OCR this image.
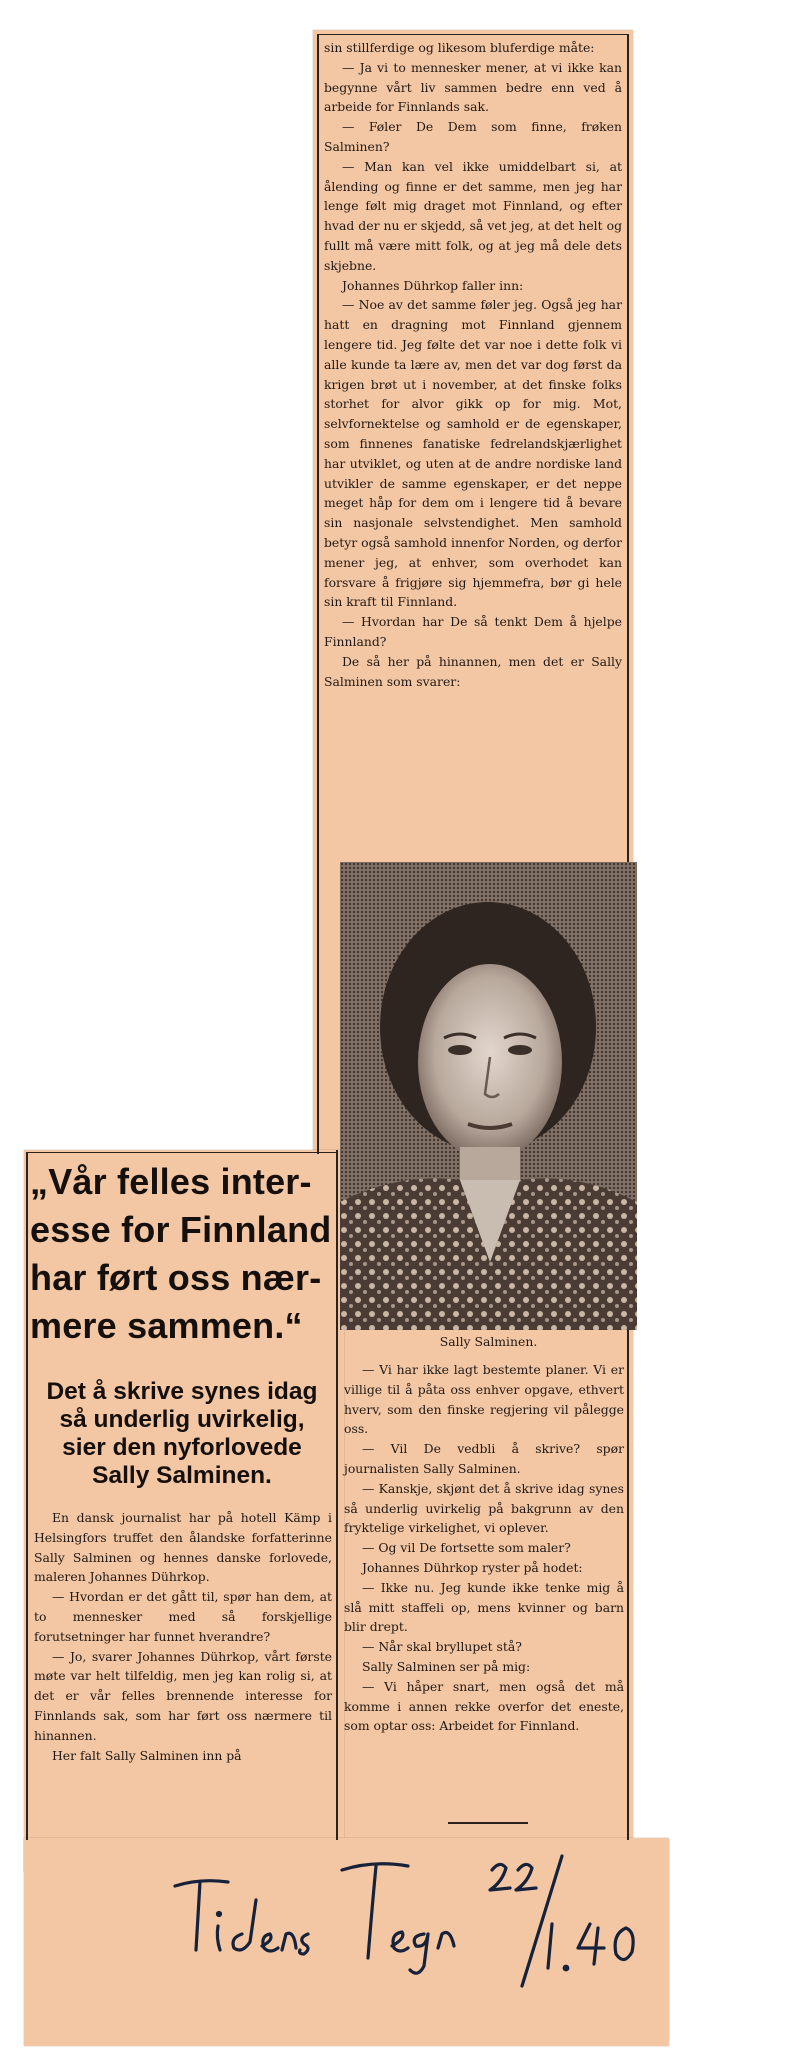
sin stillferdige og likesom bluferdige måte:

— Ja vi to mennesker mener, at vi ikke kan begynne vårt liv sammen bedre enn ved å arbeide for Finnlands sak.

— Føler De Dem som finne, frøken Salminen?

— Man kan vel ikke umiddelbart si, at ålending og finne er det samme, men jeg har lenge følt mig draget mot Finnland, og efter hvad der nu er skjedd, så vet jeg, at det helt og fullt må være mitt folk, og at jeg må dele dets skjebne.

Johannes Dührkop faller inn:

— Noe av det samme føler jeg. Også jeg har hatt en dragning mot Finnland gjennem lengere tid. Jeg følte det var noe i dette folk vi alle kunde ta lære av, men det var dog først da krigen brøt ut i november, at det finske folks storhet for alvor gikk op for mig. Mot, selvfornektelse og samhold er de egenskaper, som finnenes fanatiske fedrelandskjærlighet har utviklet, og uten at de andre nordiske land utvikler de samme egenskaper, er det neppe meget håp for dem om i lengere tid å bevare sin nasjonale selvstendighet. Men samhold betyr også samhold innenfor Norden, og derfor mener jeg, at enhver, som overhodet kan forsvare å frigjøre sig hjemmefra, bør gi hele sin kraft til Finnland.

— Hvordan har De så tenkt Dem å hjelpe Finnland?

De så her på hinannen, men det er Sally Salminen som svarer:

Sally Salminen.

— Vi har ikke lagt bestemte planer. Vi er villige til å påta oss enhver opgave, ethvert hverv, som den finske regjering vil pålegge oss.

— Vil De vedbli å skrive? spør journalisten Sally Salminen.

— Kanskje, skjønt det å skrive idag synes så underlig uvirkelig på bakgrunn av den fryktelige virkelighet, vi oplever.

— Og vil De fortsette som maler?

Johannes Dührkop ryster på hodet:

— Ikke nu. Jeg kunde ikke tenke mig å slå mitt staffeli op, mens kvinner og barn blir drept.

— Når skal bryllupet stå?

Sally Salminen ser på mig:

— Vi håper snart, men også det må komme i annen rekke overfor det eneste, som optar oss: Arbeidet for Finnland.

„Vår felles inter-
esse for Finnland
har ført oss nær-
mere sammen.“
Det å skrive synes idag
så underlig uvirkelig,
sier den nyforlovede
Sally Salminen.

En dansk journalist har på hotell Kämp i Helsingfors truffet den ålandske forfatterinne Sally Salminen og hennes danske forlovede, maleren Johannes Dührkop.

— Hvordan er det gått til, spør han dem, at to mennesker med så forskjellige forutsetninger har funnet hverandre?

— Jo, svarer Johannes Dührkop, vårt første møte var helt tilfeldig, men jeg kan rolig si, at det er vår felles brennende interesse for Finnlands sak, som har ført oss nærmere til hinannen.

Her falt Sally Salminen inn på
